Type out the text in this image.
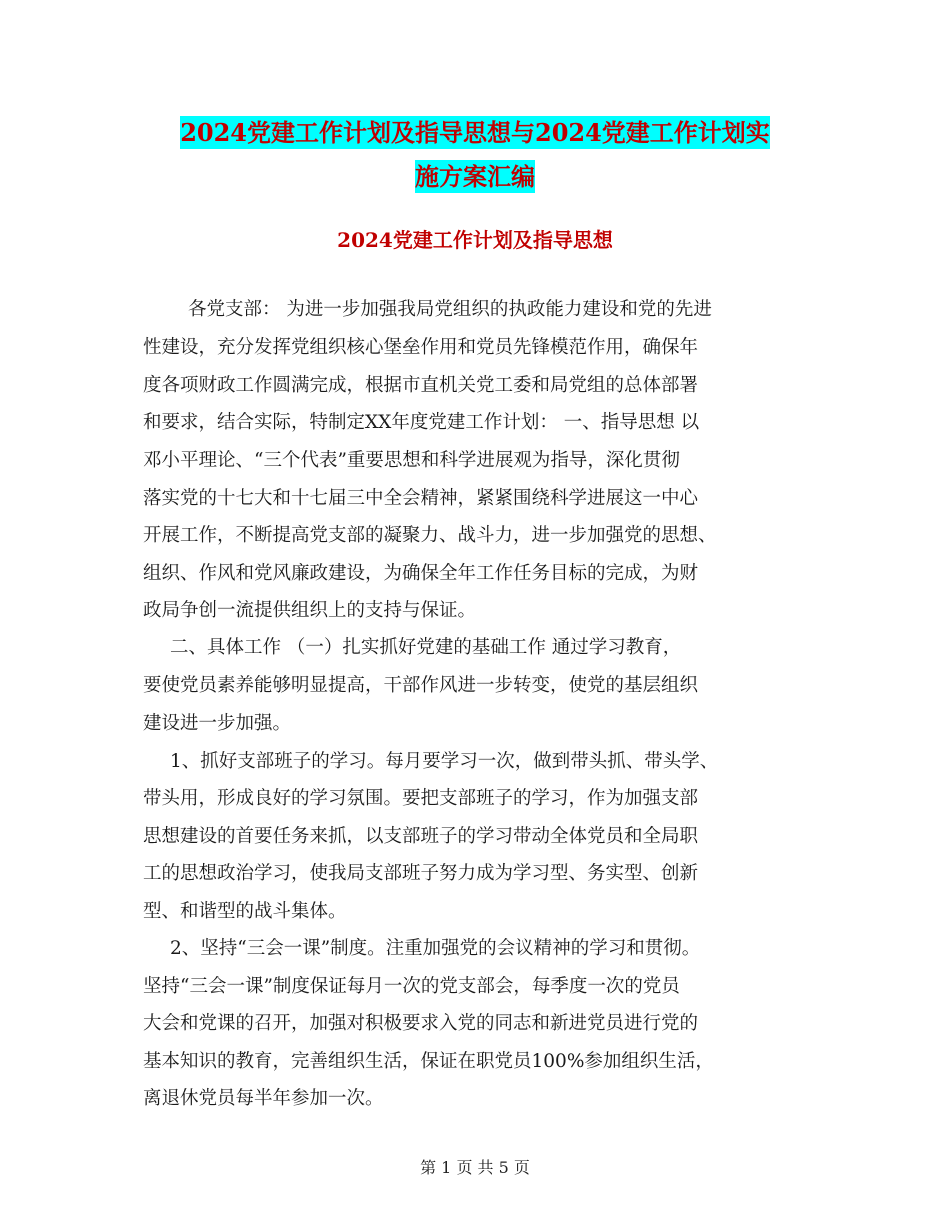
2024党建工作计划及指导思想与2024党建工作计划实
施方案汇编
2024党建工作计划及指导思想
各党支部： 为进一步加强我局党组织的执政能力建设和党的先进
性建设，充分发挥党组织核心堡垒作用和党员先锋模范作用，确保年
度各项财政工作圆满完成，根据市直机关党工委和局党组的总体部署
和要求，结合实际，特制定XX年度党建工作计划： 一、指导思想 以
邓小平理论、“三个代表”重要思想和科学进展观为指导，深化贯彻
落实党的十七大和十七届三中全会精神，紧紧围绕科学进展这一中心
开展工作，不断提高党支部的凝聚力、战斗力，进一步加强党的思想、
组织、作风和党风廉政建设，为确保全年工作任务目标的完成，为财
政局争创一流提供组织上的支持与保证。
二、具体工作 （一）扎实抓好党建的基础工作 通过学习教育，
要使党员素养能够明显提高，干部作风进一步转变，使党的基层组织
建设进一步加强。
1、抓好支部班子的学习。每月要学习一次，做到带头抓、带头学、
带头用，形成良好的学习氛围。要把支部班子的学习，作为加强支部
思想建设的首要任务来抓，以支部班子的学习带动全体党员和全局职
工的思想政治学习，使我局支部班子努力成为学习型、务实型、创新
型、和谐型的战斗集体。
2、坚持“三会一课”制度。注重加强党的会议精神的学习和贯彻。
坚持“三会一课”制度保证每月一次的党支部会，每季度一次的党员
大会和党课的召开，加强对积极要求入党的同志和新进党员进行党的
基本知识的教育，完善组织生活，保证在职党员100%参加组织生活，
离退休党员每半年参加一次。
第 1 页 共 5 页
